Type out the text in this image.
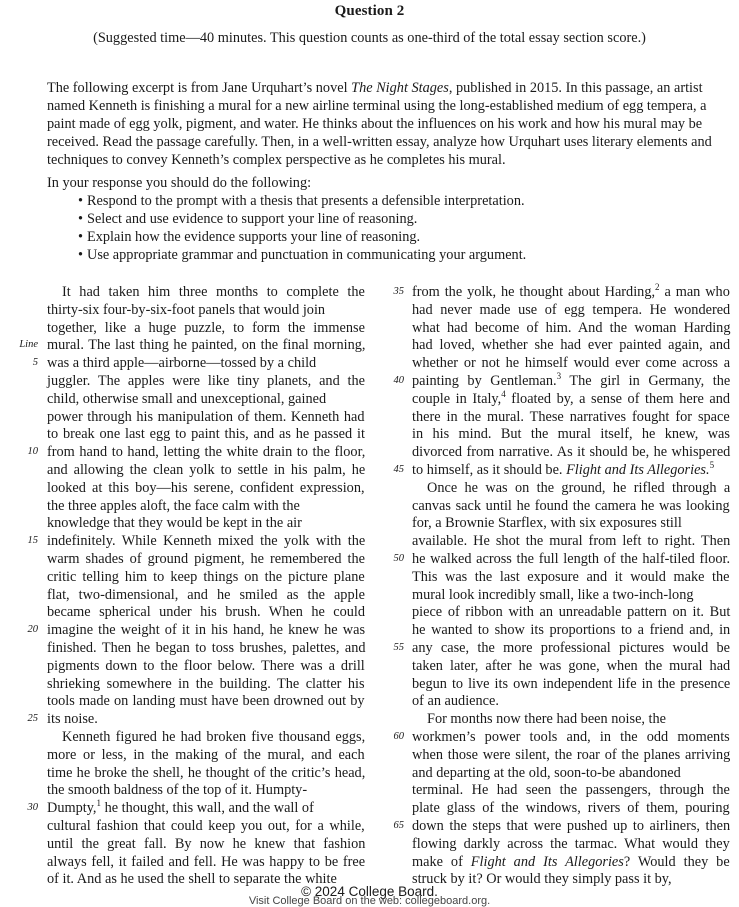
Question 2
(Suggested time—40 minutes. This question counts as one-third of the total essay section score.)

The following excerpt is from Jane Urquhart’s novel The Night Stages, published in 2015. In this passage, an artist named Kenneth is finishing a mural for a new airline terminal using the long-established medium of egg tempera, a paint made of egg yolk, pigment, and water. He thinks about the influences on his work and how his mural may be received. Read the passage carefully. Then, in a well-written essay, analyze how Urquhart uses literary elements and techniques to convey Kenneth’s complex perspective as he completes his mural.

In your response you should do the following:
• Respond to the prompt with a thesis that presents a defensible interpretation.
• Select and use evidence to support your line of reasoning.
• Explain how the evidence supports your line of reasoning.
• Use appropriate grammar and punctuation in communicating your argument.
It had taken him three months to complete the
thirty-six four-by-six-foot panels that would join
together, like a huge puzzle, to form the immense
Line mural. The last thing he painted, on the final morning,
5 was a third apple—airborne—tossed by a child
juggler. The apples were like tiny planets, and the
child, otherwise small and unexceptional, gained
power through his manipulation of them. Kenneth had
to break one last egg to paint this, and as he passed it
10 from hand to hand, letting the white drain to the floor,
and allowing the clean yolk to settle in his palm, he
looked at this boy—his serene, confident expression,
the three apples aloft, the face calm with the
knowledge that they would be kept in the air
15 indefinitely. While Kenneth mixed the yolk with the
warm shades of ground pigment, he remembered the
critic telling him to keep things on the picture plane
flat, two-dimensional, and he smiled as the apple
became spherical under his brush. When he could
20 imagine the weight of it in his hand, he knew he was
finished. Then he began to toss brushes, palettes, and
pigments down to the floor below. There was a drill
shrieking somewhere in the building. The clatter his
tools made on landing must have been drowned out by
25 its noise.
Kenneth figured he had broken five thousand eggs,
more or less, in the making of the mural, and each
time he broke the shell, he thought of the critic’s head,
the smooth baldness of the top of it. Humpty-
30 Dumpty,$^1$ he thought, this wall, and the wall of
cultural fashion that could keep you out, for a while,
until the great fall. By now he knew that fashion
always fell, it failed and fell. He was happy to be free
of it. And as he used the shell to separate the white
35 from the yolk, he thought about Harding,$^2$ a man who
had never made use of egg tempera. He wondered
what had become of him. And the woman Harding
had loved, whether she had ever painted again, and
whether or not he himself would ever come across a
40 painting by Gentleman.$^3$ The girl in Germany, the
couple in Italy,$^4$ floated by, a sense of them here and
there in the mural. These narratives fought for space
in his mind. But the mural itself, he knew, was
divorced from narrative. As it should be, he whispered
45 to himself, as it should be. Flight and Its Allegories.$^5$
Once he was on the ground, he rifled through a
canvas sack until he found the camera he was looking
for, a Brownie Starflex, with six exposures still
available. He shot the mural from left to right. Then
50 he walked across the full length of the half-tiled floor.
This was the last exposure and it would make the
mural look incredibly small, like a two-inch-long
piece of ribbon with an unreadable pattern on it. But
he wanted to show its proportions to a friend and, in
55 any case, the more professional pictures would be
taken later, after he was gone, when the mural had
begun to live its own independent life in the presence
of an audience.
For months now there had been noise, the
60 workmen’s power tools and, in the odd moments
when those were silent, the roar of the planes arriving
and departing at the old, soon-to-be abandoned
terminal. He had seen the passengers, through the
plate glass of the windows, rivers of them, pouring
65 down the steps that were pushed up to airliners, then
flowing darkly across the tarmac. What would they
make of Flight and Its Allegories? Would they be
struck by it? Or would they simply pass it by,
© 2024 College Board.
Visit College Board on the web: collegeboard.org.
